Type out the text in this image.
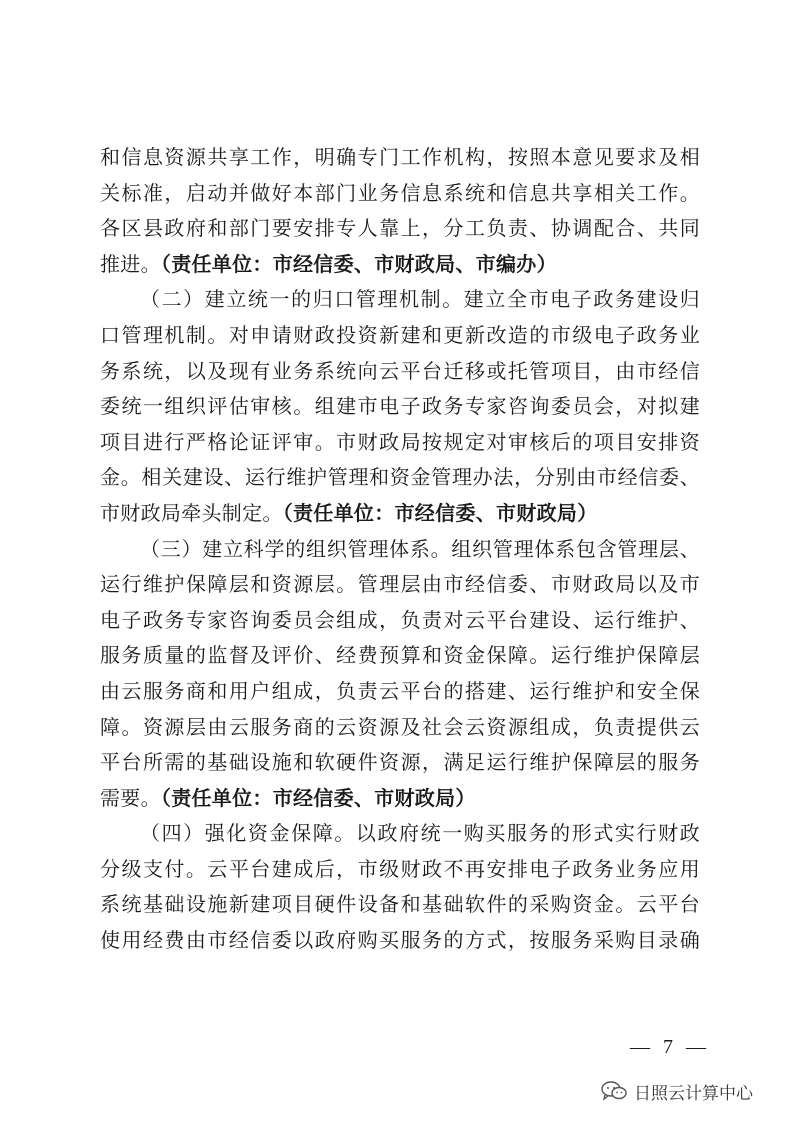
和信息资源共享工作，明确专门工作机构，按照本意见要求及相
关标准，启动并做好本部门业务信息系统和信息共享相关工作。
各区县政府和部门要安排专人靠上，分工负责、协调配合、共同
推进。（责任单位：市经信委、市财政局、市编办）
（二）建立统一的归口管理机制。建立全市电子政务建设归
口管理机制。对申请财政投资新建和更新改造的市级电子政务业
务系统，以及现有业务系统向云平台迁移或托管项目，由市经信
委统一组织评估审核。组建市电子政务专家咨询委员会，对拟建
项目进行严格论证评审。市财政局按规定对审核后的项目安排资
金。相关建设、运行维护管理和资金管理办法，分别由市经信委、
市财政局牵头制定。（责任单位：市经信委、市财政局）
（三）建立科学的组织管理体系。组织管理体系包含管理层、
运行维护保障层和资源层。管理层由市经信委、市财政局以及市
电子政务专家咨询委员会组成，负责对云平台建设、运行维护、
服务质量的监督及评价、经费预算和资金保障。运行维护保障层
由云服务商和用户组成，负责云平台的搭建、运行维护和安全保
障。资源层由云服务商的云资源及社会云资源组成，负责提供云
平台所需的基础设施和软硬件资源，满足运行维护保障层的服务
需要。（责任单位：市经信委、市财政局）
（四）强化资金保障。以政府统一购买服务的形式实行财政
分级支付。云平台建成后，市级财政不再安排电子政务业务应用
系统基础设施新建项目硬件设备和基础软件的采购资金。云平台
使用经费由市经信委以政府购买服务的方式，按服务采购目录确
— 7 —
日照云计算中心
